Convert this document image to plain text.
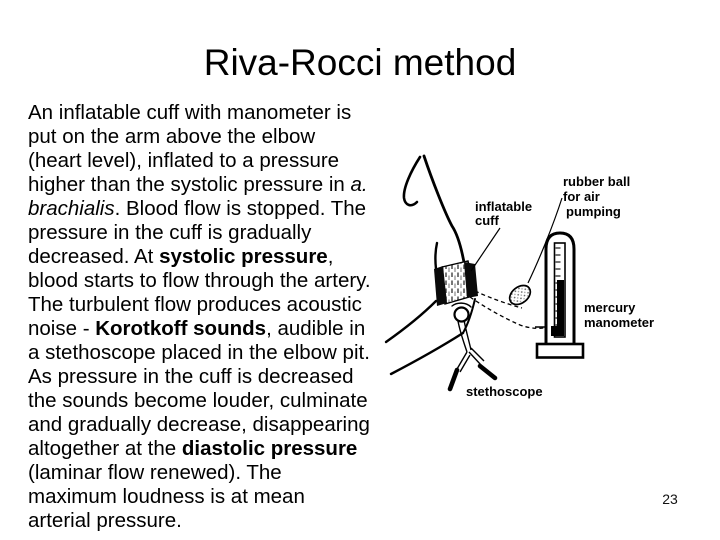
Riva-Rocci method
An inflatable cuff with manometer is put on the arm above the elbow (heart level), inflated to a pressure higher than the systolic pressure in a. brachialis. Blood flow is stopped. The pressure in the cuff is gradually decreased. At systolic pressure, blood starts to flow through the artery. The turbulent flow produces acoustic noise - Korotkoff sounds, audible in a stethoscope placed in the elbow pit. As pressure in the cuff is decreased the sounds become louder, culminate and gradually decrease, disappearing altogether at the diastolic pressure (laminar flow renewed). The maximum loudness is at mean arterial pressure.
inflatable
cuff
rubber ball
for air
pumping
mercury
manometer
stethoscope
23
